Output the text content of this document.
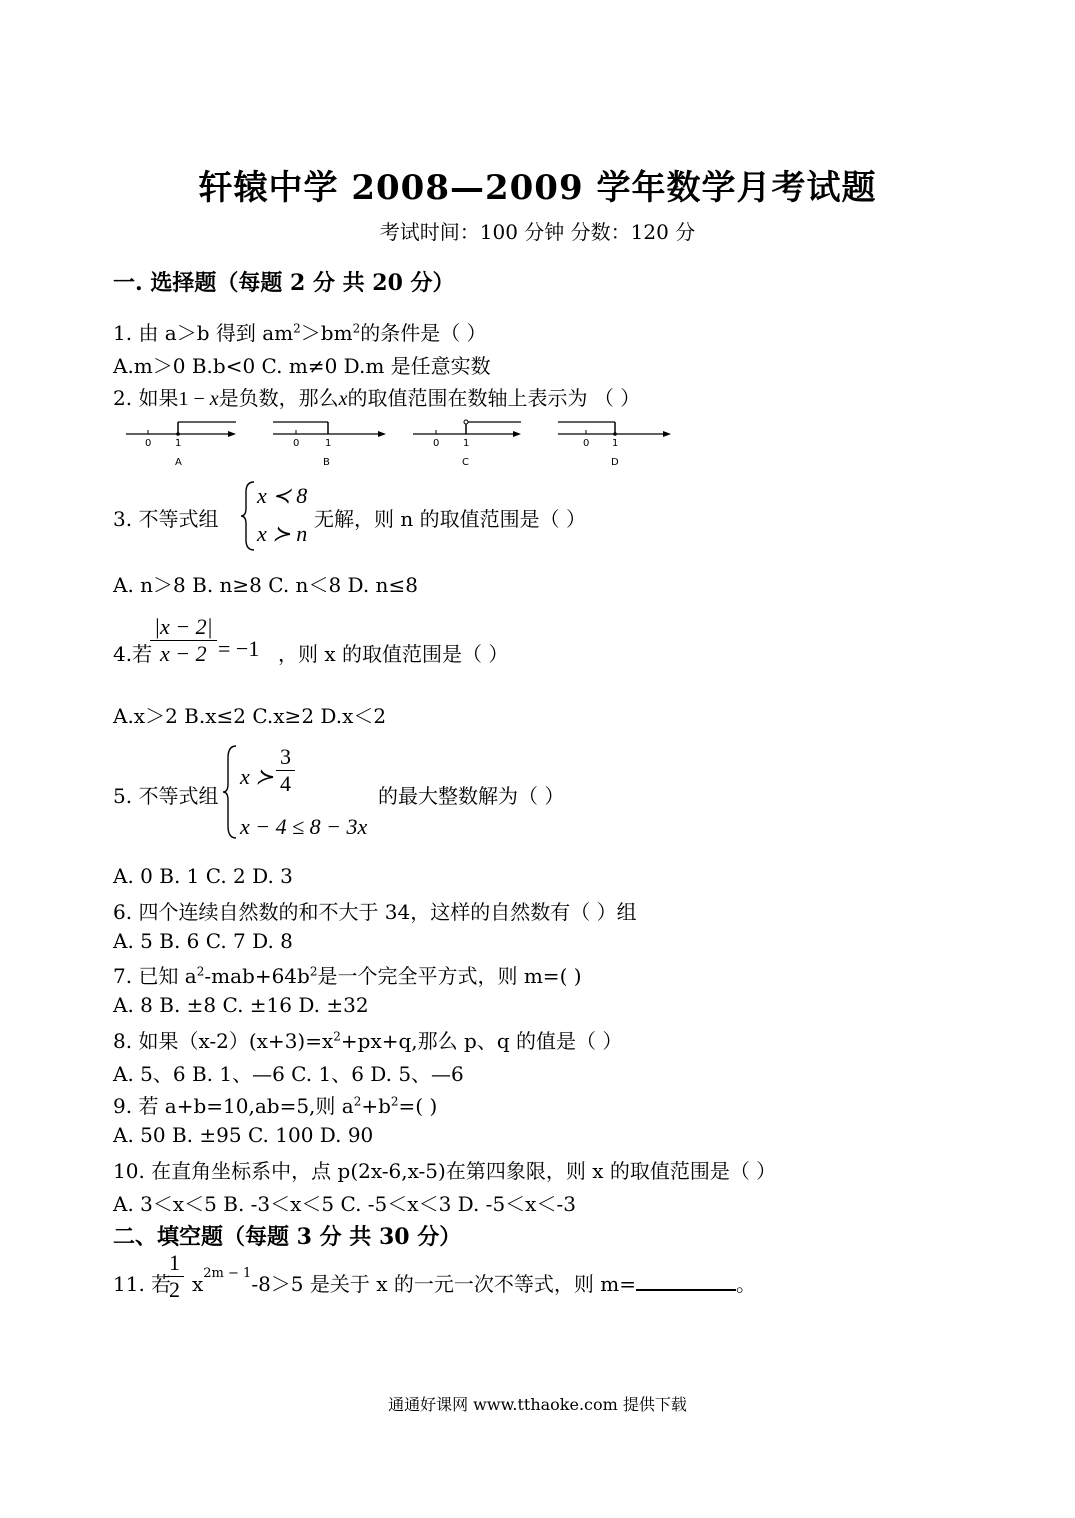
轩辕中学 2008—2009 学年数学月考试题
考试时间：100 分钟 分数：120 分
一. 选择题（每题 2 分 共 20 分）
1. 由 a＞b 得到 $am^2>bm^2$的条件是（ ）
A.m＞0 B.b<0 C. m≠0 D.m 是任意实数
2. 如果1 − x是负数，那么x的取值范围在数轴上表示为 （ ）
0 1
A
0	1
B
0 1
C
0 1
D
3. 不等式组
x ≺ 8
x ≻ n
无解，则 n 的取值范围是（ ）
A. n＞8 B. n≥8 C. n＜8 D. n≤8
4.若
$\frac{|x - 2|}{x - 2} = -1$ ，则 x 的取值范围是（ ）
A.x＞2 B.x≤2 C.x≥2 D.x＜2
5. 不等式组
x ≻ $\frac{3}{4}$
x − 4 ≤ 8 − 3x
的最大整数解为（ ）
A. 0 B. 1 C. 2 D. 3
6. 四个连续自然数的和不大于 34，这样的自然数有（ ）组
A. 5 B. 6 C. 7 D. 8
7. 已知 $a^2-mab+64b^2$是一个完全平方式，则 m=( )
A. 8 B. ±8 C. ±16 D. ±32
8. 如果$(x-2)(x+3)=x^2+px+q$,那么 p、q 的值是（ ）
A. 5、6 B. 1、—6 C. 1、6 D. 5、—6
9. 若 a+b=10,ab=5,则 $a^2+b^2=$( )
A. 50 B. ±95 C. 100 D. 90
10. 在直角坐标系中，点 p(2x-6,x-5)在第四象限，则 x 的取值范围是（ ）
A. 3＜x＜5 B. -3＜x＜5 C. -5＜x＜3 D. -5＜x＜-3
二、填空题（每题 3 分 共 30 分）
11. 若
$\frac{1}{2} x^{2m - 1}-8>5$ 是关于 x 的一元一次不等式，则 m=	。
通通好课网 www.tthaoke.com 提供下载
